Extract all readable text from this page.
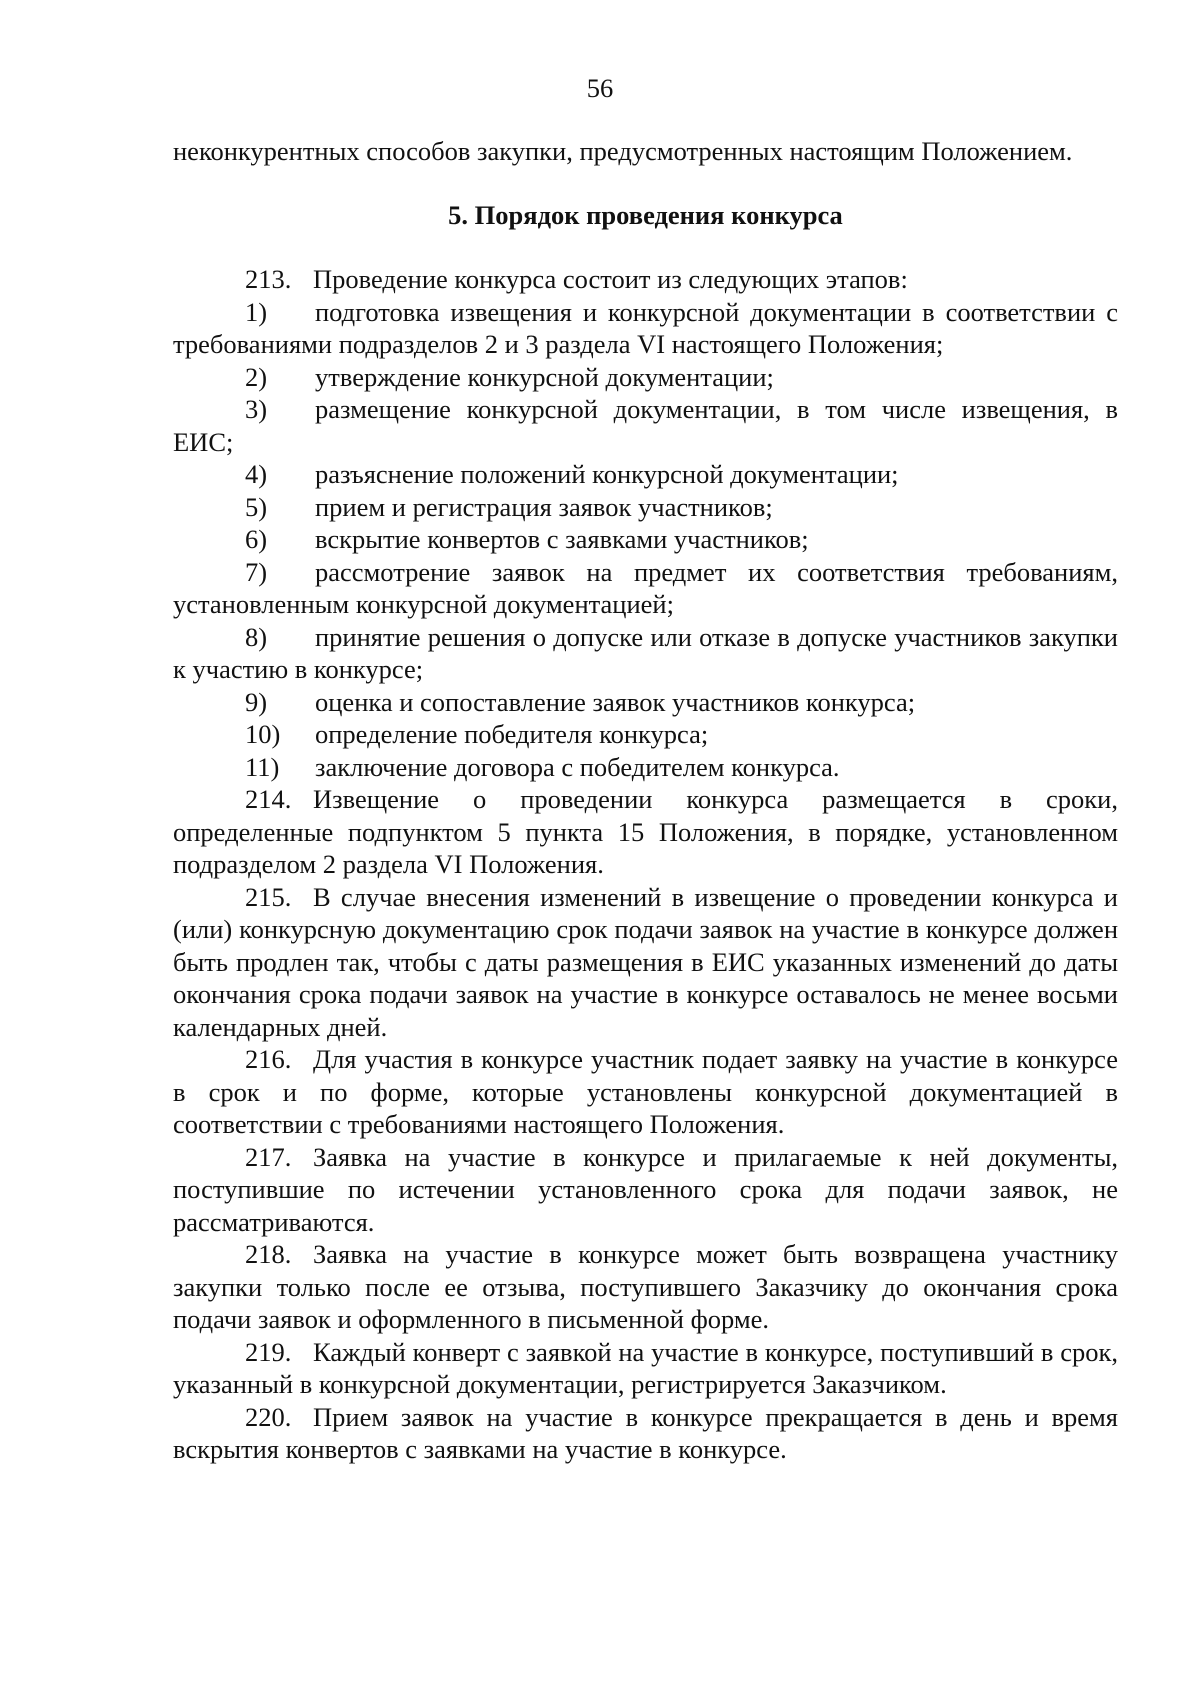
56

неконкурентных способов закупки, предусмотренных настоящим Положением.

5. Порядок проведения конкурса

213. Проведение конкурса состоит из следующих этапов:

1) подготовка извещения и конкурсной документации в соответствии с требованиями подразделов 2 и 3 раздела VI настоящего Положения;

2) утверждение конкурсной документации;

3) размещение конкурсной документации, в том числе извещения, в ЕИС;

4) разъяснение положений конкурсной документации;

5) прием и регистрация заявок участников;

6) вскрытие конвертов с заявками участников;

7) рассмотрение заявок на предмет их соответствия требованиям, установленным конкурсной документацией;

8) принятие решения о допуске или отказе в допуске участников закупки к участию в конкурсе;

9) оценка и сопоставление заявок участников конкурса;

10) определение победителя конкурса;

11) заключение договора с победителем конкурса.

214. Извещение о проведении конкурса размещается в сроки, определенные подпунктом 5 пункта 15 Положения, в порядке, установленном подразделом 2 раздела VI Положения.

215. В случае внесения изменений в извещение о проведении конкурса и (или) конкурсную документацию срок подачи заявок на участие в конкурсе должен быть продлен так, чтобы с даты размещения в ЕИС указанных изменений до даты окончания срока подачи заявок на участие в конкурсе оставалось не менее восьми календарных дней.

216. Для участия в конкурсе участник подает заявку на участие в конкурсе в срок и по форме, которые установлены конкурсной документацией в соответствии с требованиями настоящего Положения.

217. Заявка на участие в конкурсе и прилагаемые к ней документы, поступившие по истечении установленного срока для подачи заявок, не рассматриваются.

218. Заявка на участие в конкурсе может быть возвращена участнику закупки только после ее отзыва, поступившего Заказчику до окончания срока подачи заявок и оформленного в письменной форме.

219. Каждый конверт с заявкой на участие в конкурсе, поступивший в срок, указанный в конкурсной документации, регистрируется Заказчиком.

220. Прием заявок на участие в конкурсе прекращается в день и время вскрытия конвертов с заявками на участие в конкурсе.
